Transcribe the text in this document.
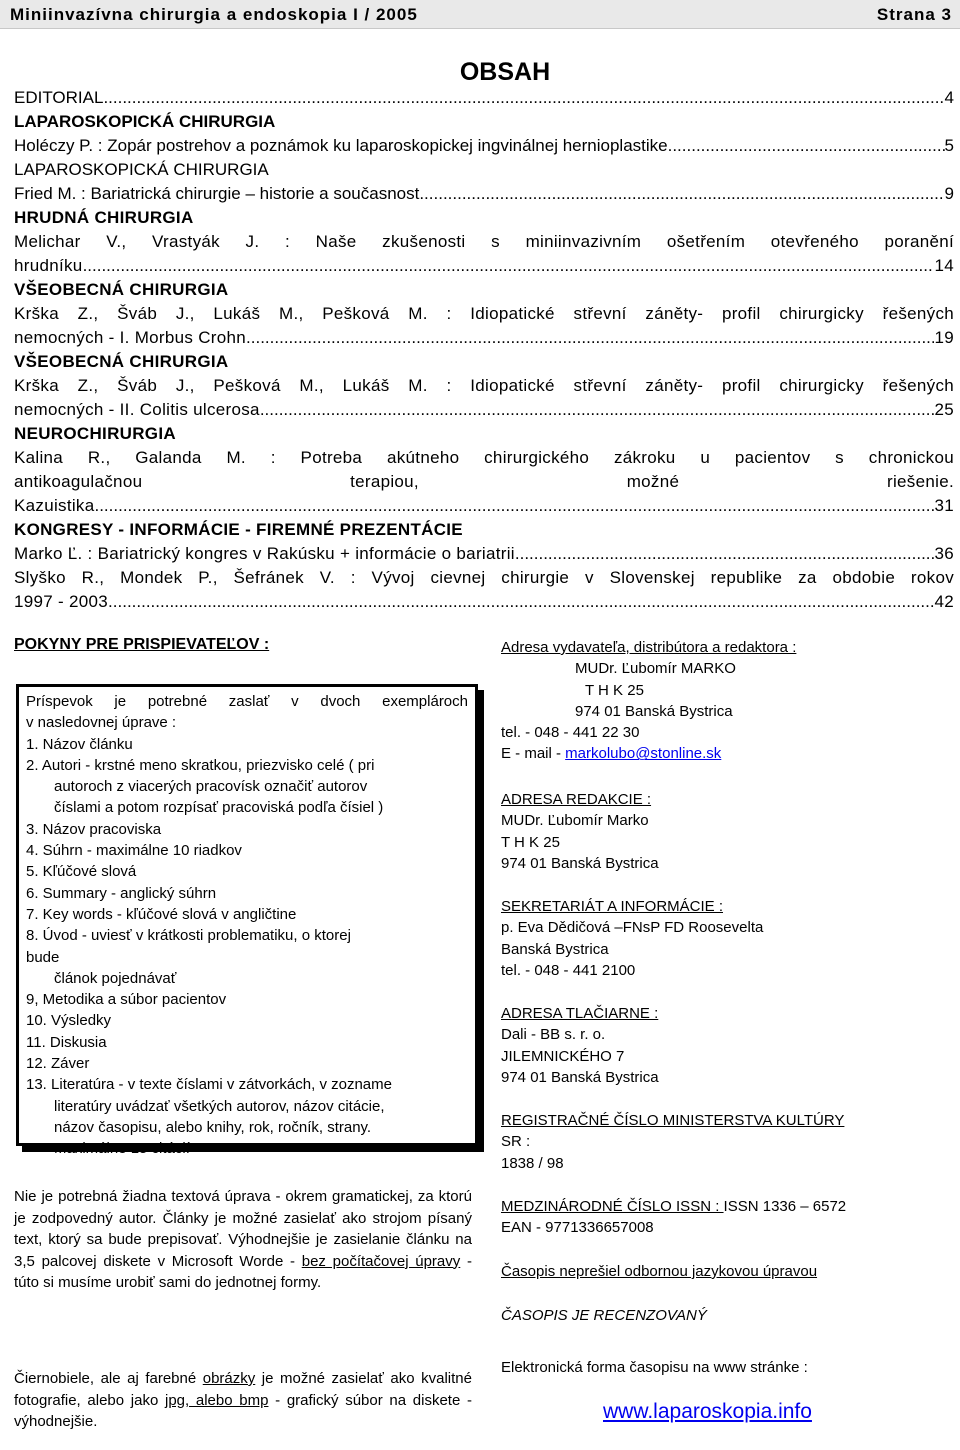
Miniinvazívna chirurgia a endoskopia I / 2005	Strana 3
OBSAH
EDITORIAL .....	4
LAPAROSKOPICKÁ CHIRURGIA
Holéczy P. : Zopár postrehov a poznámok ku laparoskopickej ingvinálnej hernioplastike .....	5
LAPAROSKOPICKÁ CHIRURGIA
Fried M. : Bariatrická chirurgie – historie a současnost .....	9
HRUDNÁ CHIRURGIA
Melichar V., Vrastyák J. : Naše zkušenosti s miniinvazivním ošetřením otevřeného poranění
hrudníku .....	14
VŠEOBECNÁ CHIRURGIA
Krška Z., Šváb J., Lukáš M., Pešková M. : Idiopatické střevní záněty- profil chirurgicky řešených
nemocných - I. Morbus Crohn .....	19
VŠEOBECNÁ CHIRURGIA
Krška Z., Šváb J., Pešková M., Lukáš M. : Idiopatické střevní záněty- profil chirurgicky řešených
nemocných - II. Colitis ulcerosa .....	25
NEUROCHIRURGIA
Kalina R., Galanda M. : Potreba akútneho chirurgického zákroku u pacientov s chronickou
antikoagulačnou	terapiou,	možné	riešenie.
Kazuistika .....	31
KONGRESY - INFORMÁCIE - FIREMNÉ PREZENTÁCIE
Marko Ľ. : Bariatrický kongres v Rakúsku + informácie o bariatrii .....	36
Slyško R., Mondek P., Šefránek V. : Vývoj cievnej chirurgie v Slovenskej republike za obdobie rokov
1997 - 2003 .....	42
POKYNY PRE PRISPIEVATEĽOV :
Príspevok je potrebné zaslať v dvoch exemplároch
v nasledovnej úprave :
1. Názov článku
2. Autori - krstné meno skratkou, priezvisko celé ( pri
autoroch z viacerých pracovísk označiť autorov
číslami a potom rozpísať pracoviská podľa čísiel )
3. Názov pracoviska
4. Súhrn - maximálne 10 riadkov
5. Kľúčové slová
6. Summary - anglický súhrn
7. Key words - kľúčové slová v angličtine
8. Úvod - uviesť v krátkosti problematiku, o ktorej
bude
článok pojednávať
9, Metodika a súbor pacientov
10. Výsledky
11. Diskusia
12. Záver
13. Literatúra - v texte číslami v zátvorkách, v zozname
literatúry uvádzať všetkých autorov, názov citácie,
názov časopisu, alebo knihy, rok, ročník, strany.
Maximálne 15 citácií
Nie je potrebná žiadna textová úprava - okrem gramatickej, za ktorú je zodpovedný autor. Články je možné zasielať ako strojom písaný text, ktorý sa bude prepisovať. Výhodnejšie je zasielanie článku na 3,5 palcovej diskete v Microsoft Worde - bez počítačovej úpravy - túto si musíme urobiť sami do jednotnej formy.
Čiernobiele, ale aj farebné obrázky je možné zasielať ako kvalitné fotografie, alebo jako jpg, alebo bmp - grafický súbor na diskete - výhodnejšie.
Adresa vydavateľa, distribútora a redaktora :
MUDr. Ľubomír MARKO
T H K 25
974 01 Banská Bystrica
tel. - 048 - 441 22 30
E - mail - markolubo@stonline.sk
ADRESA REDAKCIE :
MUDr. Ľubomír Marko
T H K 25
974 01 Banská Bystrica
SEKRETARIÁT A INFORMÁCIE :
p. Eva Dědičová –FNsP FD Roosevelta
Banská Bystrica
tel. - 048 - 441 2100
ADRESA TLAČIARNE :
Dali - BB s. r. o.
JILEMNICKÉHO 7
974 01 Banská Bystrica
REGISTRAČNÉ ČÍSLO MINISTERSTVA KULTÚRY
SR :
1838 / 98
MEDZINÁRODNÉ ČÍSLO ISSN : ISSN 1336 – 6572
EAN - 9771336657008
Časopis neprešiel odbornou jazykovou úpravou
ČASOPIS JE RECENZOVANÝ
Elektronická forma časopisu na www stránke :
www.laparoskopia.info
